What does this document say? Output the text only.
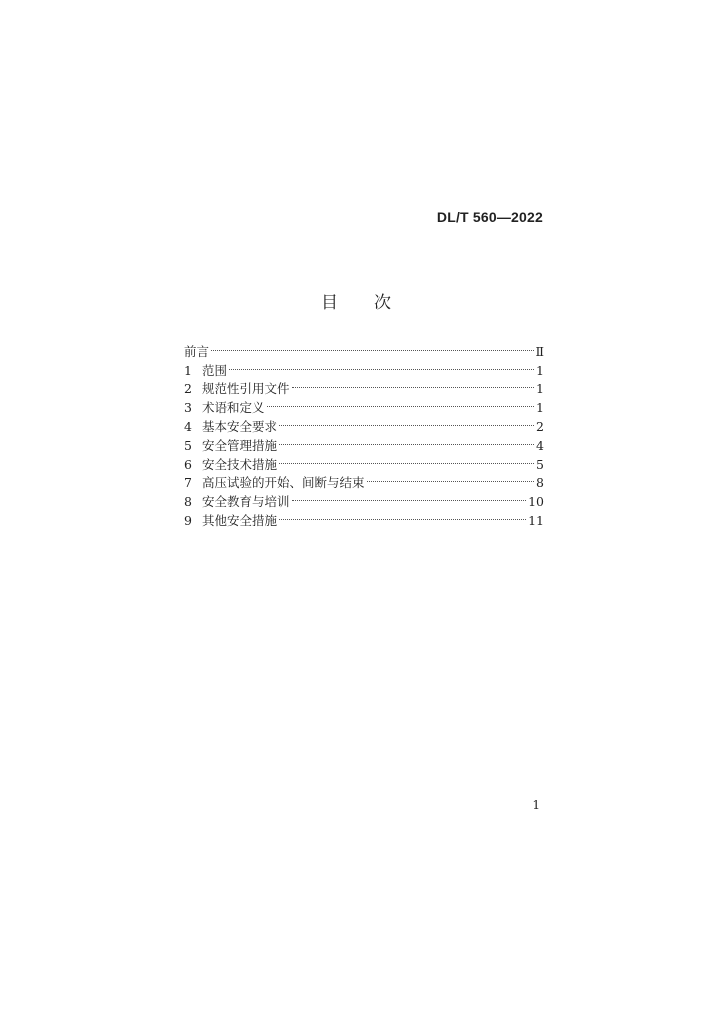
DL/T 560—2022
目次
前言	Ⅱ
1 范围	1
2 规范性引用文件	1
3 术语和定义	1
4 基本安全要求	2
5 安全管理措施	4
6 安全技术措施	5
7 高压试验的开始、间断与结束	8
8 安全教育与培训	10
9 其他安全措施	11
1
